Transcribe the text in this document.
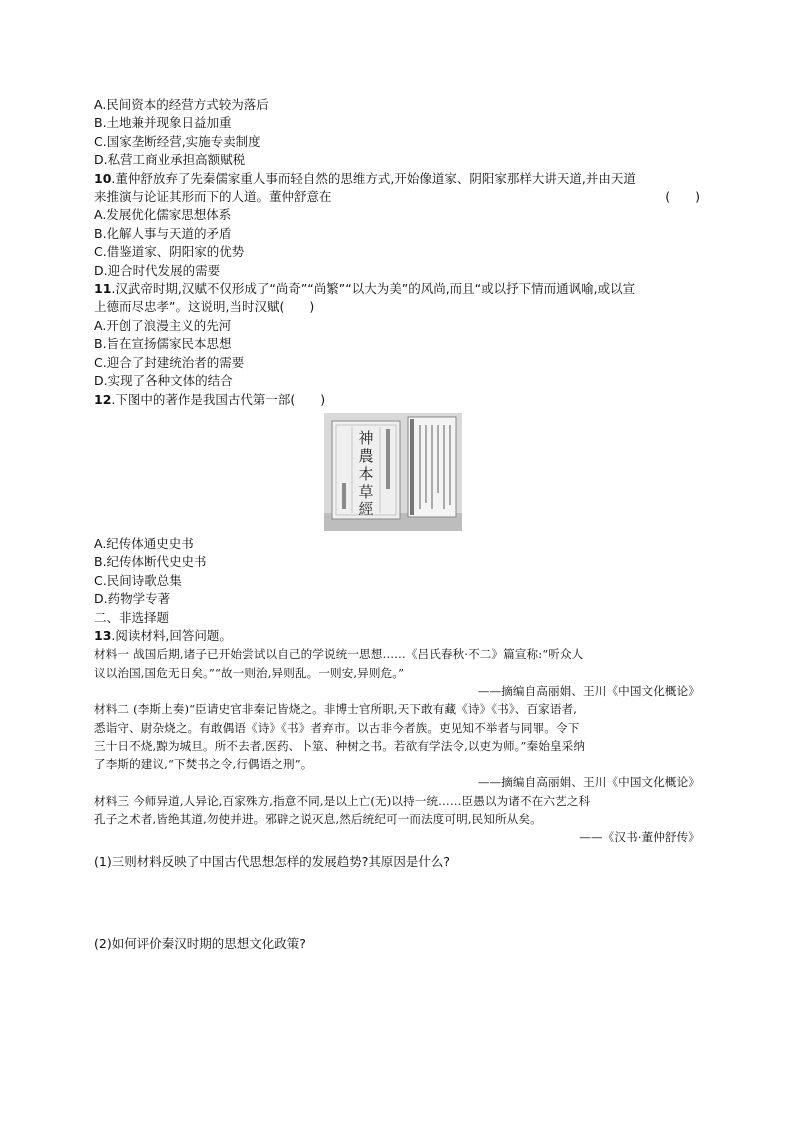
A.民间资本的经营方式较为落后
B.土地兼并现象日益加重
C.国家垄断经营,实施专卖制度
D.私营工商业承担高额赋税
10.董仲舒放弃了先秦儒家重人事而轻自然的思维方式,开始像道家、阴阳家那样大讲天道,并由天道
来推演与论证其形而下的人道。董仲舒意在	(　　)
A.发展优化儒家思想体系
B.化解人事与天道的矛盾
C.借鉴道家、阴阳家的优势
D.迎合时代发展的需要
11.汉武帝时期,汉赋不仅形成了“尚奇”“尚繁”“以大为美”的风尚,而且“或以抒下情而通讽喻,或以宣
上德而尽忠孝”。这说明,当时汉赋(　　)
A.开创了浪漫主义的先河
B.旨在宣扬儒家民本思想
C.迎合了封建统治者的需要
D.实现了各种文体的结合
12.下图中的著作是我国古代第一部(　　)
神
農
本
草
經
A.纪传体通史史书
B.纪传体断代史史书
C.民间诗歌总集
D.药物学专著
二、非选择题
13.阅读材料,回答问题。
材料一 战国后期,诸子已开始尝试以自己的学说统一思想……《吕氏春秋·不二》篇宣称:“听众人
议以治国,国危无日矣。”“故一则治,异则乱。一则安,异则危。”
——摘编自高丽娟、王川《中国文化概论》
材料二 (李斯上奏)“臣请史官非秦记皆烧之。非博士官所职,天下敢有藏《诗》《书》、百家语者,
悉诣守、尉杂烧之。有敢偶语《诗》《书》者弃市。以古非今者族。吏见知不举者与同罪。令下
三十日不烧,黥为城旦。所不去者,医药、卜筮、种树之书。若欲有学法令,以吏为师。”秦始皇采纳
了李斯的建议,“下焚书之令,行偶语之刑”。
——摘编自高丽娟、王川《中国文化概论》
材料三 今师异道,人异论,百家殊方,指意不同,是以上亡(无)以持一统……臣愚以为诸不在六艺之科
孔子之术者,皆绝其道,勿使并进。邪辟之说灭息,然后统纪可一而法度可明,民知所从矣。
——《汉书·董仲舒传》
(1)三则材料反映了中国古代思想怎样的发展趋势?其原因是什么?
(2)如何评价秦汉时期的思想文化政策?
